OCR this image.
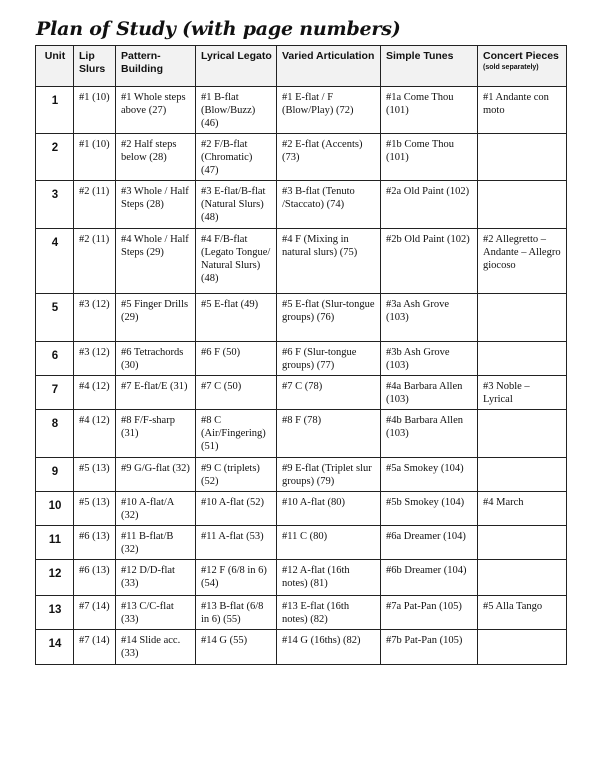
Plan of Study (with page numbers)
Unit	Lip Slurs	Pattern-Building	Lyrical Legato	Varied Articulation	Simple Tunes	Concert Pieces
(sold separately)

1	#1 (10)	#1 Whole steps above (27)	#1 B-flat (Blow/Buzz) (46)	#1 E-flat / F (Blow/Play) (72)	#1a Come Thou (101)	#1 Andante con moto
2	#1 (10)	#2 Half steps below (28)	#2 F/B-flat (Chromatic) (47)	#2 E-flat (Accents) (73)	#1b Come Thou (101)	
3	#2 (11)	#3 Whole / Half Steps (28)	#3 E-flat/B-flat (Natural Slurs) (48)	#3 B-flat (Tenuto /Staccato) (74)	#2a Old Paint (102)	
4	#2 (11)	#4 Whole / Half Steps (29)	#4 F/B-flat (Legato Tongue/ Natural Slurs) (48)	#4 F (Mixing in natural slurs) (75)	#2b Old Paint (102)	#2 Allegretto – Andante – Allegro giocoso
5	#3 (12)	#5 Finger Drills (29)	#5 E-flat (49)	#5 E-flat (Slur-tongue groups) (76)	#3a Ash Grove (103)	
6	#3 (12)	#6 Tetrachords (30)	#6 F (50)	#6 F (Slur-tongue groups) (77)	#3b Ash Grove (103)	
7	#4 (12)	#7 E-flat/E (31)	#7 C (50)	#7 C (78)	#4a Barbara Allen (103)	#3 Noble – Lyrical
8	#4 (12)	#8 F/F-sharp (31)	#8 C (Air/Fingering) (51)	#8 F (78)	#4b Barbara Allen (103)	
9	#5 (13)	#9 G/G-flat (32)	#9 C (triplets) (52)	#9 E-flat (Triplet slur groups) (79)	#5a Smokey (104)	
10	#5 (13)	#10 A-flat/A (32)	#10 A-flat (52)	#10 A-flat (80)	#5b Smokey (104)	#4 March
11	#6 (13)	#11 B-flat/B (32)	#11 A-flat (53)	#11 C (80)	#6a Dreamer (104)	
12	#6 (13)	#12 D/D-flat (33)	#12 F (6/8 in 6) (54)	#12 A-flat (16th notes) (81)	#6b Dreamer (104)	
13	#7 (14)	#13 C/C-flat (33)	#13 B-flat (6/8 in 6) (55)	#13 E-flat (16th notes) (82)	#7a Pat-Pan (105)	#5 Alla Tango
14	#7 (14)	#14 Slide acc. (33)	#14 G (55)	#14 G (16ths) (82)	#7b Pat-Pan (105)	
